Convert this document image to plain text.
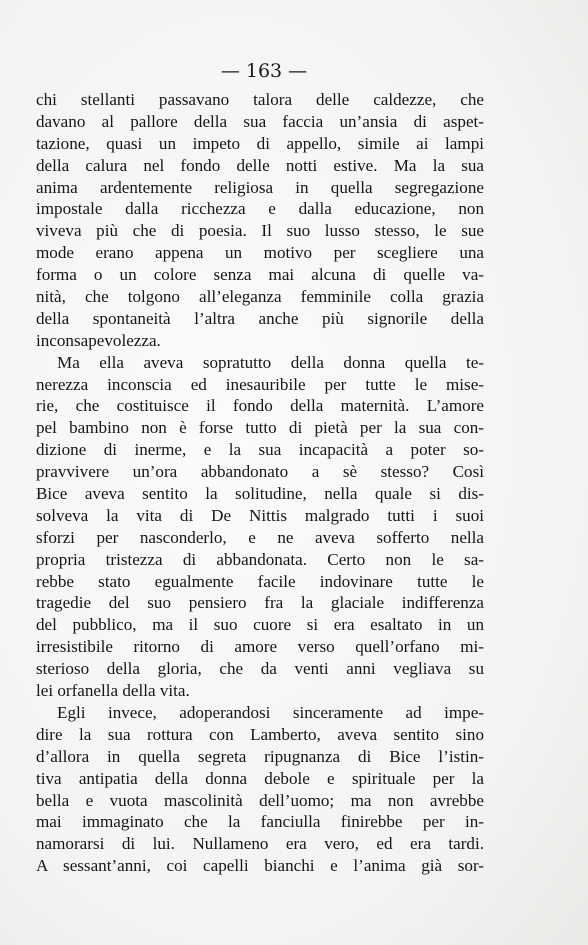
— 163 —
chi stellanti passavano talora delle caldezze, che
davano al pallore della sua faccia un’ansia di aspet-
tazione, quasi un impeto di appello, simile ai lampi
della calura nel fondo delle notti estive. Ma la sua
anima ardentemente religiosa in quella segregazione
impostale dalla ricchezza e dalla educazione, non
viveva più che di poesia. Il suo lusso stesso, le sue
mode erano appena un motivo per scegliere una
forma o un colore senza mai alcuna di quelle va-
nità, che tolgono all’eleganza femminile colla grazia
della spontaneità l’altra anche più signorile della
inconsapevolezza.
Ma ella aveva sopratutto della donna quella te-
nerezza inconscia ed inesauribile per tutte le mise-
rie, che costituisce il fondo della maternità. L’amore
pel bambino non è forse tutto di pietà per la sua con-
dizione di inerme, e la sua incapacità a poter so-
pravvivere un’ora abbandonato a sè stesso? Così
Bice aveva sentito la solitudine, nella quale si dis-
solveva la vita di De Nittis malgrado tutti i suoi
sforzi per nasconderlo, e ne aveva sofferto nella
propria tristezza di abbandonata. Certo non le sa-
rebbe stato egualmente facile indovinare tutte le
tragedie del suo pensiero fra la glaciale indifferenza
del pubblico, ma il suo cuore si era esaltato in un
irresistibile ritorno di amore verso quell’orfano mi-
sterioso della gloria, che da venti anni vegliava su
lei orfanella della vita.
Egli invece, adoperandosi sinceramente ad impe-
dire la sua rottura con Lamberto, aveva sentito sino
d’allora in quella segreta ripugnanza di Bice l’istin-
tiva antipatia della donna debole e spirituale per la
bella e vuota mascolinità dell’uomo; ma non avrebbe
mai immaginato che la fanciulla finirebbe per in-
namorarsi di lui. Nullameno era vero, ed era tardi.
A sessant’anni, coi capelli bianchi e l’anima già sor-
